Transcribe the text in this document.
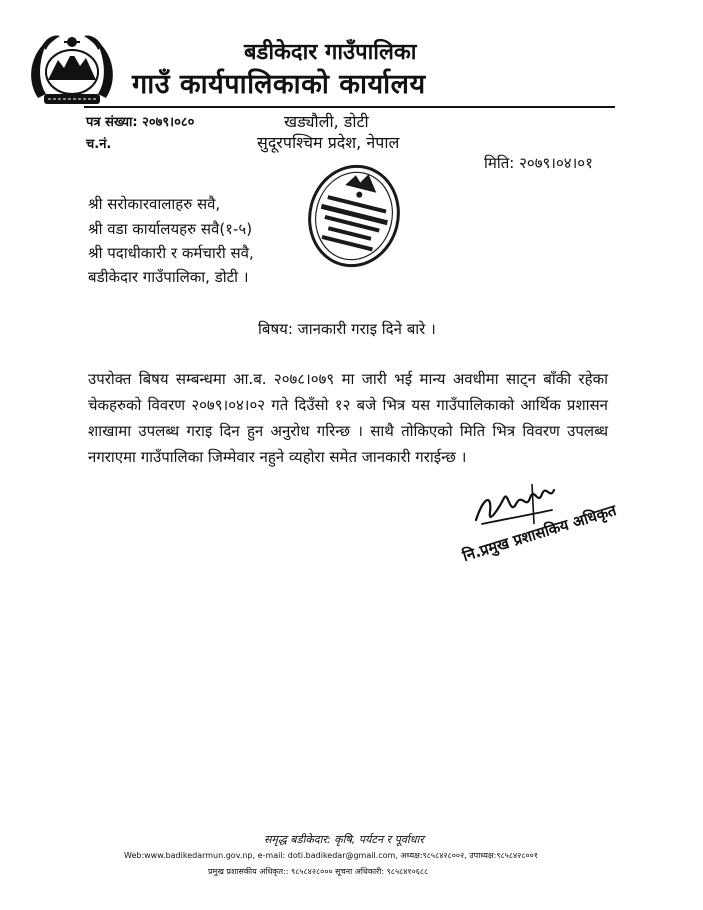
बडीकेदार गाउँपालिका
गाउँ कार्यपालिकाको कार्यालय
पत्र संख्या: २०७९।०८०
च.नं.
खड्यौली, डोटी
सुदूरपश्चिम प्रदेश, नेपाल
मिति: २०७९।०४।०१
श्री सरोकारवालाहरु सवै,
श्री वडा कार्यालयहरु सवै(१-५)
श्री पदाधीकारी र कर्मचारी सवै,
बडीकेदार गाउँपालिका, डोटी ।
बिषय: जानकारी गराइ दिने बारे ।
उपरोक्त बिषय सम्बन्धमा आ.ब. २०७८।०७९ मा जारी भई मान्य अवधीमा साट्न बाँकी रहेका चेकहरुको विवरण २०७९।०४।०२ गते दिउँसो १२ बजे भित्र यस गाउँपालिकाको आर्थिक प्रशासन शाखामा उपलब्ध गराइ दिन हुन अनुरोध गरिन्छ । साथै तोकिएको मिति भित्र विवरण उपलब्ध नगराएमा गाउँपालिका जिम्मेवार नहुने व्यहोरा समेत जानकारी गराईन्छ ।
नि.प्रमुख प्रशासकिय अधिकृत
समृद्ध बडीकेदार: कृषि, पर्यटन र पूर्वाधार
Web:www.badikedarmun.gov.np, e-mail: doti.badikedar@gmail.com, अध्यक्ष:९८५८४२८००२, उपाध्यक्ष:९८५८४२८००१
प्रमुख प्रशासकीय अधिकृत:: ९८५८४२८००० सूचना अधिकारी: ९८५८४१०६८८
